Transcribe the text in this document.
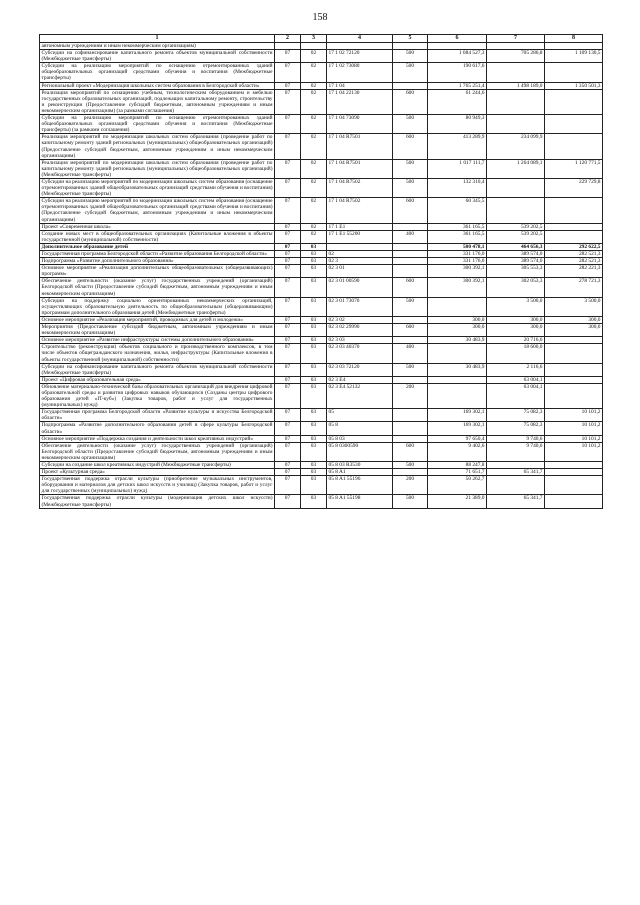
158
1	2	3	4	5	6	7	8
автономным учреждениям и иным некоммерческим организациям)							
Субсидии на софинансирование капитального ремонта объектов муниципальной собственности (Межбюджетные трансферты)	07	02	17 1 02 72120	500	1 084 527,3	705 286,8	1 109 130,5
Субсидии на реализацию мероприятий по оснащению отремонтированных зданий общеобразовательных организаций средствами обучения и воспитания (Межбюджетные трансферты)	07	02	17 1 02 73080	500	190 617,6		
Региональный проект «Модернизация школьных систем образования в Белгородской области»	07	02	17 1 04		1 765 251,4	1 498 189,0	1 350 501,3
Реализация мероприятий по оснащению учебным, технологическим оборудованием и мебелью государственных образовательных организаций, подлежащих капитальному ремонту, строительству и реконструкции (Предоставление субсидий бюджетным, автономным учреждениям и иным некоммерческим организациям) (за рамками соглашения)	07	02	17 1 04 22130	600	61 244,6		
Субсидии на реализацию мероприятий по оснащению отремонтированных зданий общеобразовательных организаций средствами обучения и воспитания (Межбюджетные трансферты) (за рамками соглашения)	07	02	17 1 04 73090	500	80 949,3		
Реализация мероприятий по модернизации школьных систем образования (проведение работ по капитальному ремонту зданий региональных (муниципальных) общеобразовательных организаций) (Предоставление субсидий бюджетным, автономным учреждениям и иным некоммерческим организациям)	07	02	17 1 04 R7501	600	413 289,9	234 099,9	
Реализация мероприятий по модернизации школьных систем образования (проведение работ по капитальному ремонту зданий региональных (муниципальных) общеобразовательных организаций) (Межбюджетные трансферты)	07	02	17 1 04 R7501	500	1 017 111,7	1 264 089,1	1 120 771,5
Субсидии на реализацию мероприятий по модернизации школьных систем образования (оснащение отремонтированных зданий общеобразовательных организаций средствами обучения и воспитания) (Межбюджетные трансферты)	07	02	17 1 04 R7502	500	132 310,4		229 729,8
Субсидии на реализацию мероприятий по модернизации школьных систем образования (оснащение отремонтированных зданий общеобразовательных организаций средствами обучения и воспитания) (Предоставление субсидий бюджетным, автономным учреждениям и иным некоммерческим организациям)	07	02	17 1 04 R7502	600	60 345,5		
Проект «Современная школа»	07	02	17 1 E1		361 165,5	539 202,5	
Создание новых мест в общеобразовательных организациях (Капитальные вложения в объекты государственной (муниципальной) собственности)	07	02	17 1 E1 55200	400	361 165,5	539 202,5	
Дополнительное образование детей	07	03			500 478,1	464 656,3	292 622,5
Государственная программа Белгородской области «Развитие образования Белгородской области»	07	03	02		331 176,0	389 574,0	282 521,3
Подпрограмма «Развитие дополнительного образования»	07	03	02 3		331 176,0	389 574,0	282 521,3
Основное мероприятие «Реализация дополнительных общеобразовательных (общеразвивающих) программ»	07	03	02 3 01		300 392,1	305 553,3	282 221,3
Обеспечение деятельности (оказание услуг) государственных учреждений (организаций) Белгородской области (Предоставление субсидий бюджетным, автономным учреждениям и иным некоммерческим организациям)	07	03	02 3 01 00590	600	300 392,1	302 053,3	278 721,3
Субсидии на поддержку социально ориентированных некоммерческих организаций, осуществляющих образовательную деятельность по общеобразовательным (общеразвивающим) программам дополнительного образования детей (Межбюджетные трансферты)	07	03	02 3 01 73070	500		3 500,0	3 500,0
Основное мероприятие «Реализация мероприятий, проводимых для детей и молодежи»	07	03	02 3 02		300,0	300,0	300,0
Мероприятия (Предоставление субсидий бюджетным, автономным учреждениям и иным некоммерческим организациям)	07	03	02 3 02 29990	600	300,0	300,0	300,0
Основное мероприятие «Развитие инфраструктуры системы дополнительного образования»	07	03	02 3 03		30 483,9	20 716,6	
Строительство (реконструкция) объектов социального и производственного комплексов, в том числе объектов общегражданского назначения, жилья, инфраструктуры (Капитальные вложения в объекты государственной (муниципальной) собственности)	07	03	02 3 03 40370	400		18 600,0	
Субсидии на софинансирование капитального ремонта объектов муниципальной собственности (Межбюджетные трансферты)	07	03	02 3 03 72120	500	30 483,9	2 116,6	
Проект «Цифровая образовательная среда»	07	03	02 3 E4			63 004,1	
Обновление материально-технической базы образовательных организаций для внедрения цифровой образовательной среды и развития цифровых навыков обучающихся (Созданы центры цифрового образования детей «IT-куб») (Закупка товаров, работ и услуг для государственных (муниципальных) нужд)	07	03	02 3 E4 52132	200		63 004,1	
Государственная программа Белгородской области «Развитие культуры и искусства Белгородской области»	07	03	05		169 302,1	75 082,3	10 101,2
Подпрограмма «Развитие дополнительного образования детей в сфере культуры Белгородской области»	07	03	05 8		169 302,1	75 082,3	10 101,2
Основное мероприятие «Поддержка создания и деятельности школ креативных индустрий»	07	03	05 8 03		97 650,4	9 740,6	10 101,2
Обеспечение деятельности (оказание услуг) государственных учреждений (организаций) Белгородской области (Предоставление субсидий бюджетным, автономным учреждениям и иным некоммерческим организациям)	07	03	05 8 0300590	600	9 402,6	9 740,6	10 101,2
Субсидии на создание школ креативных индустрий (Межбюджетные трансферты)	07	03	05 8 03 R3530	500	88 247,8		
Проект «Культурная среда»	07	03	05 8 A1		71 651,7	65 341,7	
Государственная поддержка отрасли культуры (приобретение музыкальных инструментов, оборудования и материалов для детских школ искусств и училищ) (Закупка товаров, работ и услуг для государственных (муниципальных) нужд)	07	03	05 8 A1 55196	200	50 262,7		
Государственная поддержка отрасли культуры (модернизация детских школ искусств) (Межбюджетные трансферты)	07	03	05 8 A1 55198	500	21 389,0	65 341,7	
